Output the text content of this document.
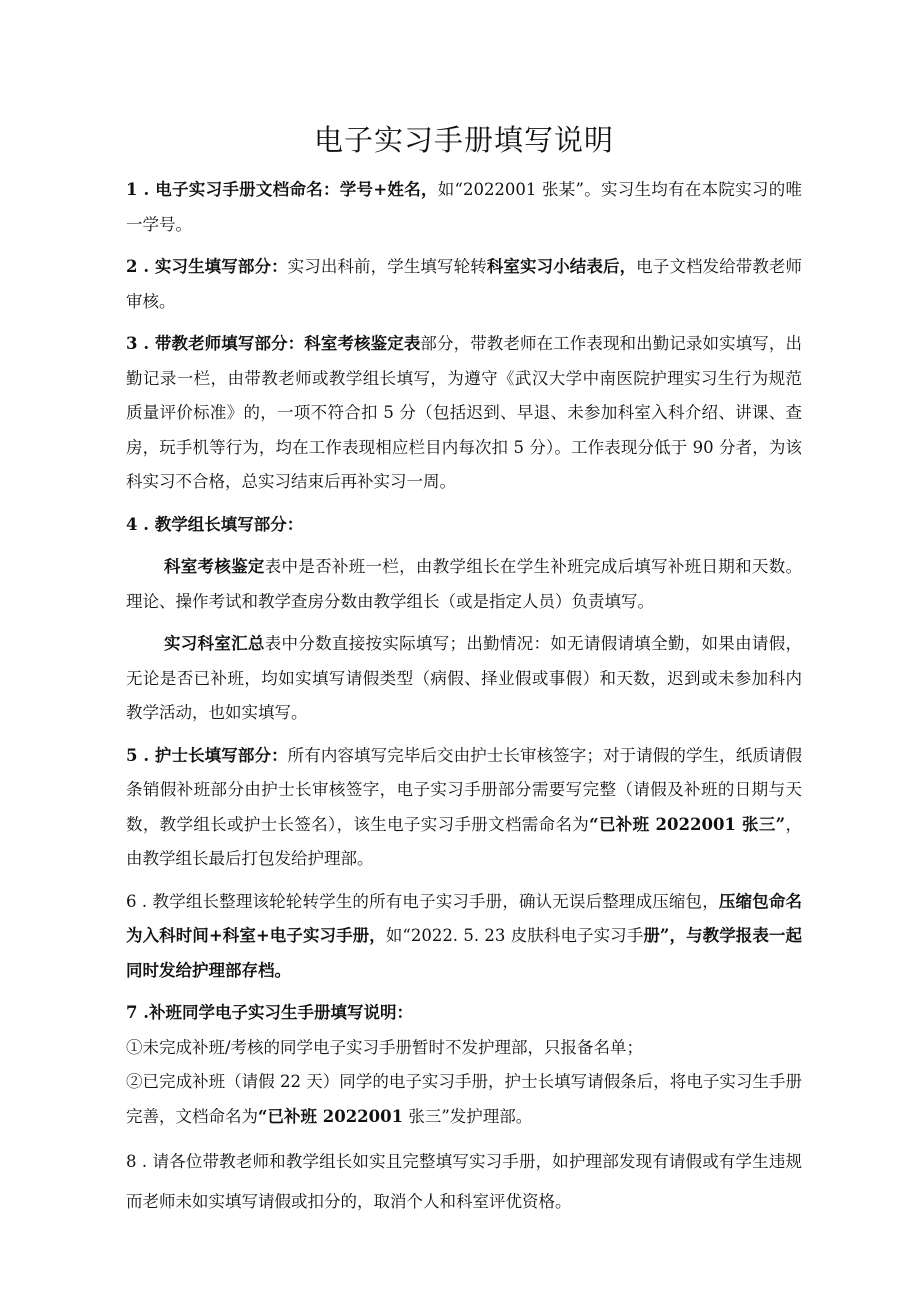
电子实习手册填写说明

1 . 电子实习手册文档命名：学号+姓名，如“2022001 张某”。实习生均有在本院实习的唯一学号。

2 . 实习生填写部分：实习出科前，学生填写轮转科室实习小结表后，电子文档发给带教老师审核。

3 . 带教老师填写部分：科室考核鉴定表部分，带教老师在工作表现和出勤记录如实填写，出勤记录一栏，由带教老师或教学组长填写，为遵守《武汉大学中南医院护理实习生行为规范质量评价标准》的，一项不符合扣 5 分（包括迟到、早退、未参加科室入科介绍、讲课、查房，玩手机等行为，均在工作表现相应栏目内每次扣 5 分）。工作表现分低于 90 分者，为该科实习不合格，总实习结束后再补实习一周。

4 . 教学组长填写部分：

科室考核鉴定表中是否补班一栏，由教学组长在学生补班完成后填写补班日期和天数。理论、操作考试和教学查房分数由教学组长（或是指定人员）负责填写。

实习科室汇总表中分数直接按实际填写；出勤情况：如无请假请填全勤，如果由请假，无论是否已补班，均如实填写请假类型（病假、择业假或事假）和天数，迟到或未参加科内教学活动，也如实填写。

5 . 护士长填写部分：所有内容填写完毕后交由护士长审核签字；对于请假的学生，纸质请假条销假补班部分由护士长审核签字，电子实习手册部分需要写完整（请假及补班的日期与天数，教学组长或护士长签名），该生电子实习手册文档需命名为“已补班 2022001 张三”，由教学组长最后打包发给护理部。

6 . 教学组长整理该轮轮转学生的所有电子实习手册，确认无误后整理成压缩包，压缩包命名为入科时间+科室+电子实习手册，如“2022. 5. 23 皮肤科电子实习手册”，与教学报表一起同时发给护理部存档。

7 .补班同学电子实习生手册填写说明：

①未完成补班/考核的同学电子实习手册暂时不发护理部，只报备名单；

②已完成补班（请假 22 天）同学的电子实习手册，护士长填写请假条后，将电子实习生手册完善，文档命名为“已补班 2022001 张三”发护理部。

8 . 请各位带教老师和教学组长如实且完整填写实习手册，如护理部发现有请假或有学生违规而老师未如实填写请假或扣分的，取消个人和科室评优资格。
